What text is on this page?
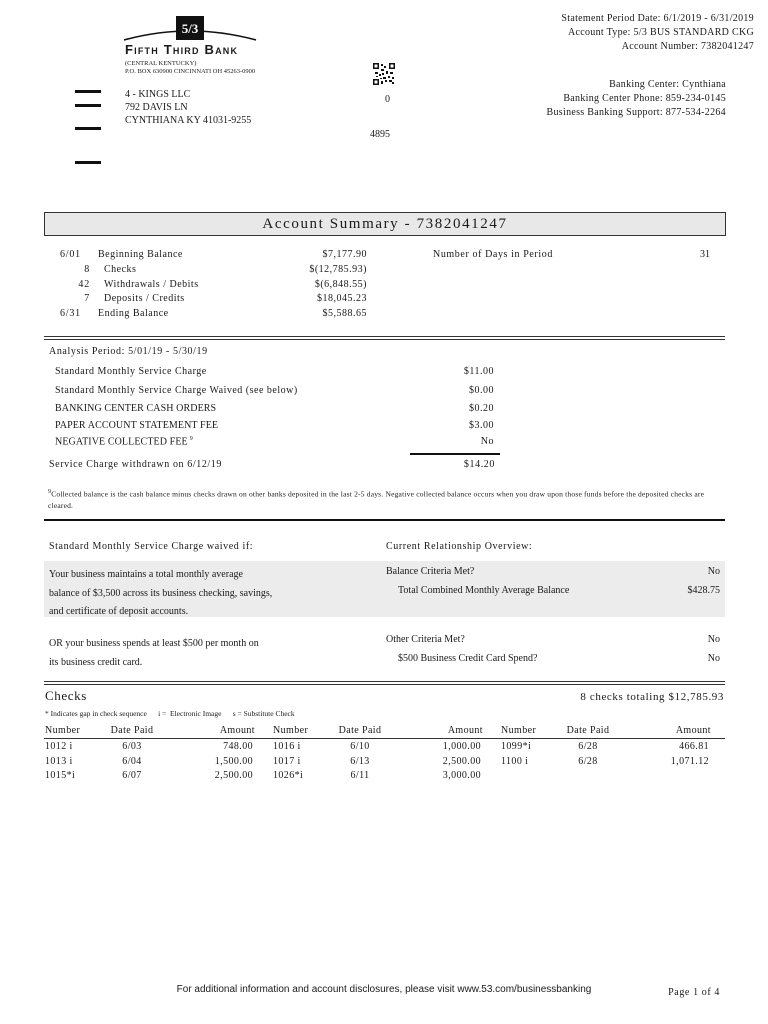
5/3
Fifth Third Bank
(CENTRAL KENTUCKY)
P.O. BOX 630900 CINCINNATI OH 45263-0900
4 - KINGS LLC
792 DAVIS LN
CYNTHIANA KY 41031-9255
0
4895
Statement Period Date: 6/1/2019 - 6/31/2019
Account Type: 5/3 BUS STANDARD CKG
Account Number: 7382041247
Banking Center: Cynthiana
Banking Center Phone: 859-234-0145
Business Banking Support: 877-534-2264
Account Summary - 7382041247
6/01 Beginning Balance	$7,177.90
8 Checks	$(12,785.93)
42 Withdrawals / Debits	$(6,848.55)
7 Deposits / Credits	$18,045.23
6/31 Ending Balance	$5,588.65
Number of Days in Period	31
Analysis Period: 5/01/19 - 5/30/19
Standard Monthly Service Charge	$11.00
Standard Monthly Service Charge Waived (see below)	$0.00
BANKING CENTER CASH ORDERS	$0.20
PAPER ACCOUNT STATEMENT FEE	$3.00
NEGATIVE COLLECTED FEE $^9$	No
Service Charge withdrawn on 6/12/19	$14.20
$^9$Collected balance is the cash balance minus checks drawn on other banks deposited in the last 2-5 days. Negative collected balance occurs when you draw upon those funds before the deposited checks are cleared.
Standard Monthly Service Charge waived if:	Current Relationship Overview:
Your business maintains a total monthly average
balance of $3,500 across its business checking, savings,
and certificate of deposit accounts.
Balance Criteria Met?	No
Total Combined Monthly Average Balance	$428.75
OR your business spends at least $500 per month on
its business credit card.
Other Criteria Met?	No
$500 Business Credit Card Spend?	No
Checks	8 checks totaling $12,785.93
* Indicates gap in check sequence      i =  Electronic Image      s = Substitute Check
Number	Date Paid	Amount
1012 i	6/03	748.00
1013 i	6/04	1,500.00
1015*i	6/07	2,500.00
Number	Date Paid	Amount
1016 i	6/10	1,000.00
1017 i	6/13	2,500.00
1026*i	6/11	3,000.00
Number	Date Paid	Amount
1099*i	6/28	466.81
1100 i	6/28	1,071.12
For additional information and account disclosures, please visit www.53.com/businessbanking	Page 1 of 4
